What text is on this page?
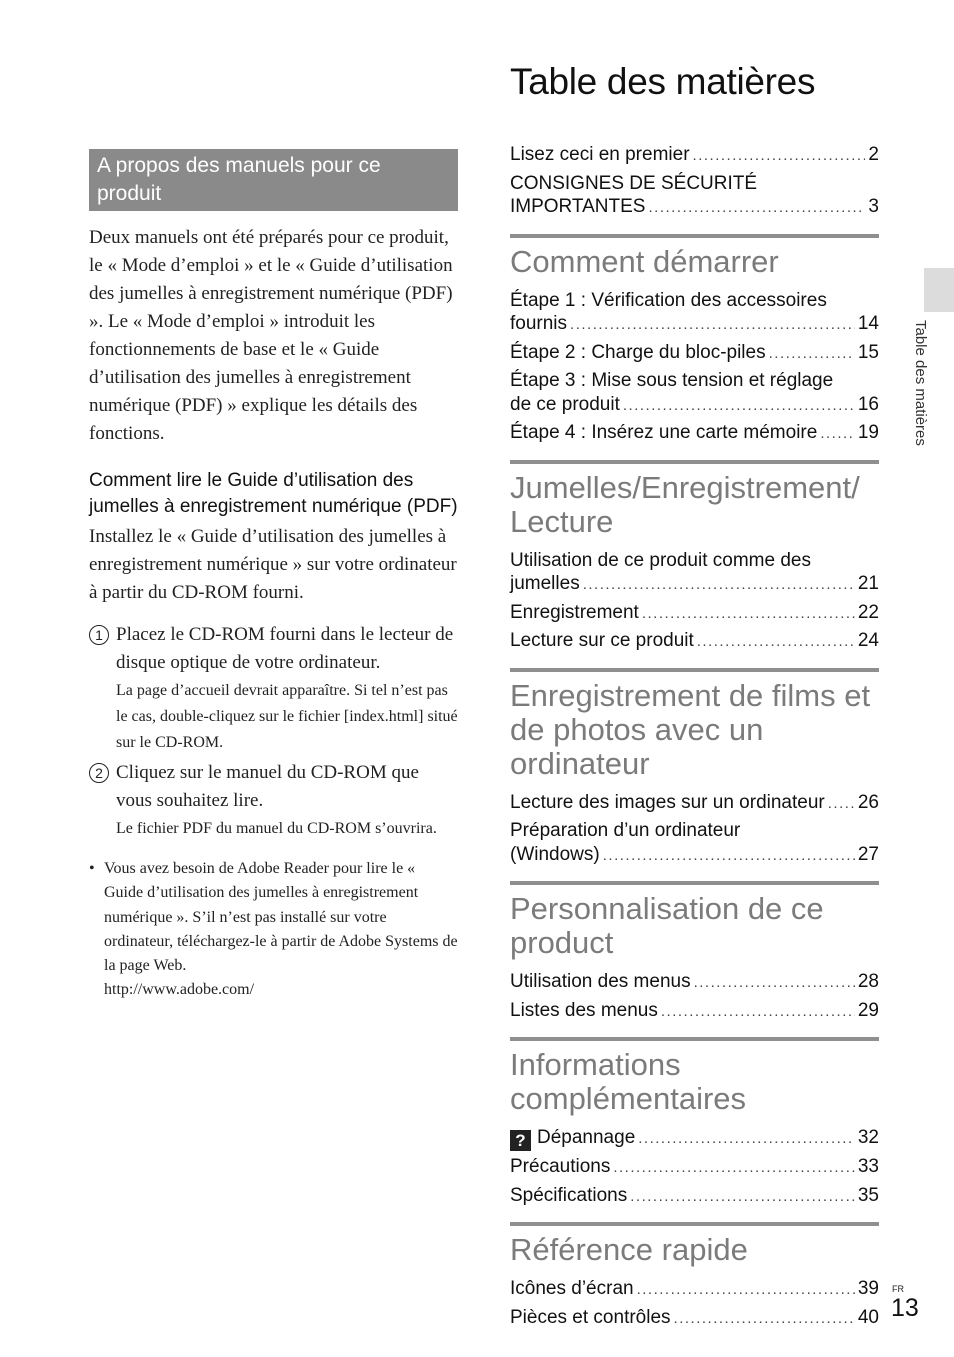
Table des matières
Table des matières
A propos des manuels pour ce produit

Deux manuels ont été préparés pour ce produit, le « Mode d’emploi » et le « Guide d’utilisation des jumelles à enregistrement numérique (PDF) ». Le « Mode d’emploi » introduit les fonctionnements de base et le « Guide d’utilisation des jumelles à enregistrement numérique (PDF) » explique les détails des fonctions.

Comment lire le Guide d’utilisation des jumelles à enregistrement numérique (PDF)

Installez le « Guide d’utilisation des jumelles à enregistrement numérique » sur votre ordinateur à partir du CD-ROM fourni.

1 Placez le CD-ROM fourni dans le lecteur de disque optique de votre ordinateur.
La page d’accueil devrait apparaître. Si tel n’est pas le cas, double-cliquez sur le fichier [index.html] situé sur le CD-ROM.
2 Cliquez sur le manuel du CD-ROM que vous souhaitez lire.
Le fichier PDF du manuel du CD-ROM s’ouvrira.
• Vous avez besoin de Adobe Reader pour lire le « Guide d’utilisation des jumelles à enregistrement numérique ». S’il n’est pas installé sur votre ordinateur, téléchargez-le à partir de Adobe Systems de la page Web.
http://www.adobe.com/
Lisez ceci en premier .....	2
CONSIGNES DE SÉCURITÉ
IMPORTANTES .....	3
Comment démarrer
Étape 1 : Vérification des accessoires
fournis .....	14
Étape 2 : Charge du bloc-piles .....	15
Étape 3 : Mise sous tension et réglage
de ce produit .....	16
Étape 4 : Insérez une carte mémoire ..... 19
Jumelles/Enregistrement/ Lecture
Utilisation de ce produit comme des
jumelles .....	21
Enregistrement .....	22
Lecture sur ce produit .....	24
Enregistrement de films et de photos avec un ordinateur
Lecture des images sur un ordinateur ..... 26
Préparation d’un ordinateur
(Windows) .....	27
Personnalisation de ce product
Utilisation des menus .....	28
Listes des menus .....	29
Informations complémentaires
? Dépannage .....	32
Précautions .....	33
Spécifications .....	35
Référence rapide
Icônes d’écran .....	39
Pièces et contrôles .....	40
FR
13
